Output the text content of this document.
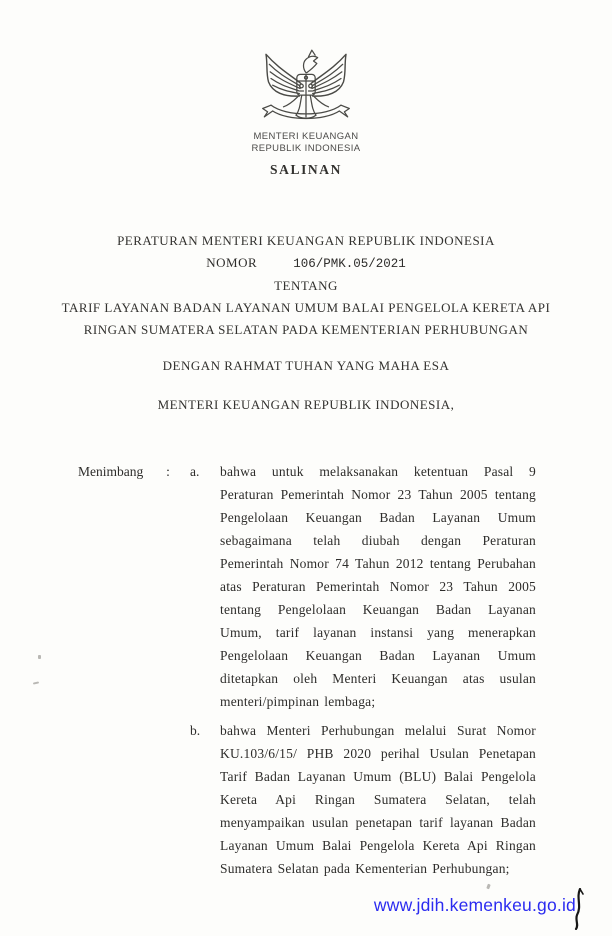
MENTERI KEUANGAN
REPUBLIK INDONESIA
SALINAN
PERATURAN MENTERI KEUANGAN REPUBLIK INDONESIA
NOMOR	106/PMK.05/2021
TENTANG
TARIF LAYANAN BADAN LAYANAN UMUM BALAI PENGELOLA KERETA API
RINGAN SUMATERA SELATAN PADA KEMENTERIAN PERHUBUNGAN
DENGAN RAHMAT TUHAN YANG MAHA ESA
MENTERI KEUANGAN REPUBLIK INDONESIA,
Menimbang	:	a.	bahwa untuk melaksanakan ketentuan Pasal 9 Peraturan Pemerintah Nomor 23 Tahun 2005 tentang Pengelolaan Keuangan Badan Layanan Umum sebagaimana telah diubah dengan Peraturan Pemerintah Nomor 74 Tahun 2012 tentang Perubahan atas Peraturan Pemerintah Nomor 23 Tahun 2005 tentang Pengelolaan Keuangan Badan Layanan Umum, tarif layanan instansi yang menerapkan Pengelolaan Keuangan Badan Layanan Umum ditetapkan oleh Menteri Keuangan atas usulan menteri/pimpinan lembaga;
b.	bahwa Menteri Perhubungan melalui Surat Nomor KU.103/6/15/ PHB 2020 perihal Usulan Penetapan Tarif Badan Layanan Umum (BLU) Balai Pengelola Kereta Api Ringan Sumatera Selatan, telah menyampaikan usulan penetapan tarif layanan Badan Layanan Umum Balai Pengelola Kereta Api Ringan Sumatera Selatan pada Kementerian Perhubungan;
www.jdih.kemenkeu.go.id
